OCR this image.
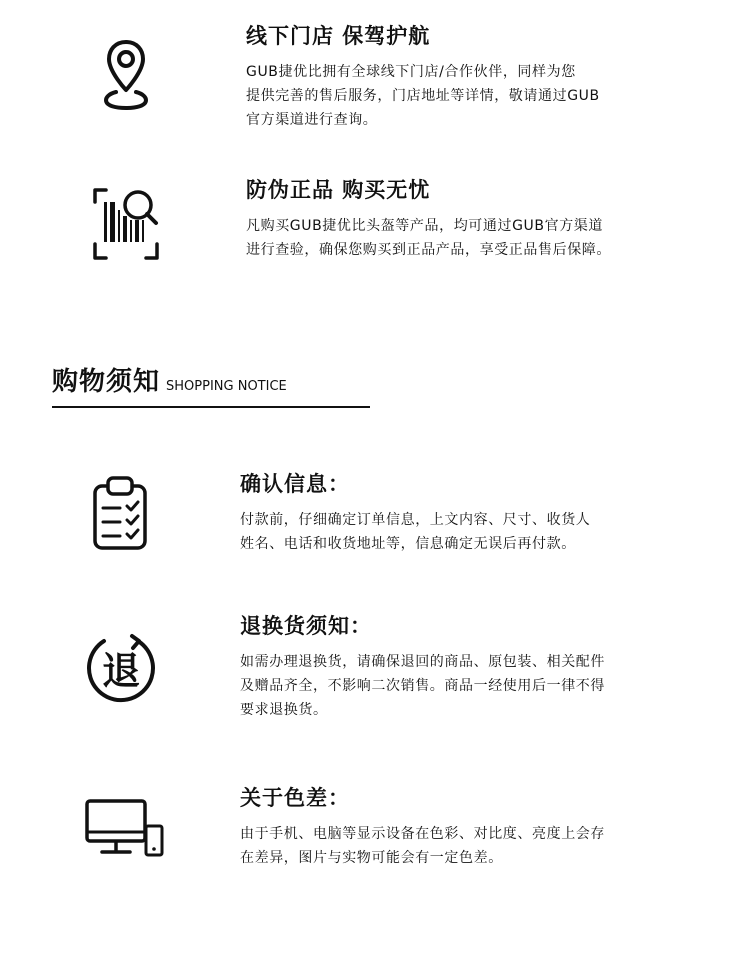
线下门店 保驾护航
GUB捷优比拥有全球线下门店/合作伙伴，同样为您
提供完善的售后服务，门店地址等详情，敬请通过GUB
官方渠道进行查询。
防伪正品 购买无忧
凡购买GUB捷优比头盔等产品，均可通过GUB官方渠道
进行查验，确保您购买到正品产品，享受正品售后保障。
购物须知 SHOPPING NOTICE
确认信息：
付款前，仔细确定订单信息，上文内容、尺寸、收货人
姓名、电话和收货地址等，信息确定无误后再付款。
退
退换货须知：
如需办理退换货，请确保退回的商品、原包装、相关配件
及赠品齐全，不影响二次销售。商品一经使用后一律不得
要求退换货。
关于色差：
由于手机、电脑等显示设备在色彩、对比度、亮度上会存
在差异，图片与实物可能会有一定色差。
